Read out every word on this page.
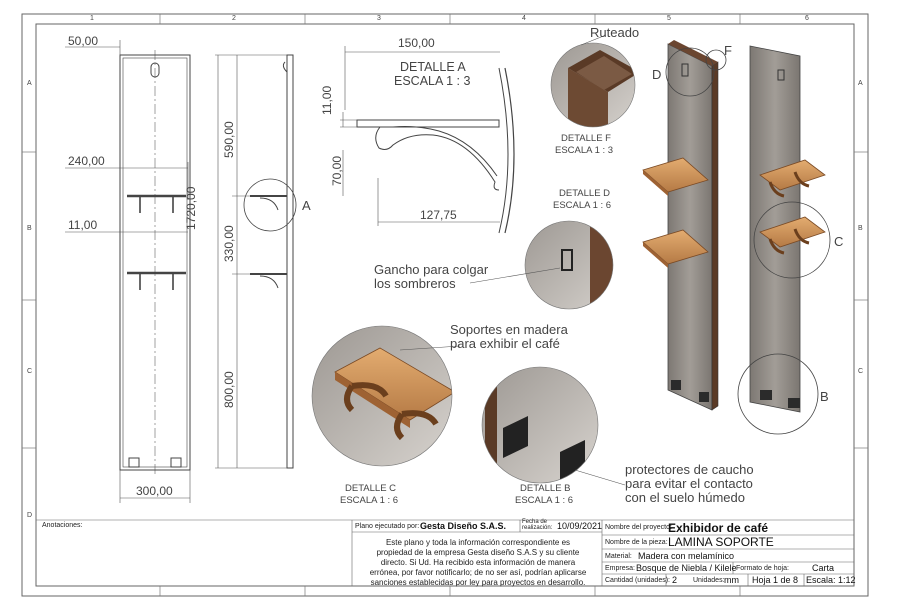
1	2	3	4	5	6
A
B
C
D
A
B
C
50,00
240,00
11,00
300,00
1720,00
590,00
330,00
800,00
A
D
F
C
B
150,00
DETALLE A
ESCALA 1 : 3
11,00
70,00
127,75
Ruteado
DETALLE F
ESCALA 1 : 3
DETALLE D
ESCALA 1 : 6
Gancho para colgar
los sombreros
Soportes en madera
para exhibir el café
DETALLE C
ESCALA 1 : 6
DETALLE B
ESCALA 1 : 6
protectores de caucho
para evitar el contacto
con el suelo húmedo
Anotaciones:	Plano ejecutado por: Gesta Diseño S.A.S.	Fecha de
realización: 10/09/2021
Este plano y toda la información correspondiente es
propiedad de la empresa Gesta diseño S.A.S y su cliente
directo. Si Ud. Ha recibido esta información de manera
errónea, por favor notificarlo; de no ser así, podrían aplicarse
sanciones establecidas por ley para proyectos en desarrollo.
Nombre del proyecto:
Exhibidor de café
Nombre de la pieza: LAMINA SOPORTE
Material: Madera con melamínico
Empresa: Bosque de Niebla / Kilele Formato de hoja:	Carta
Cantidad (unidades): 2 Unidades: mm Hoja 1 de 8 Escala: 1:12
